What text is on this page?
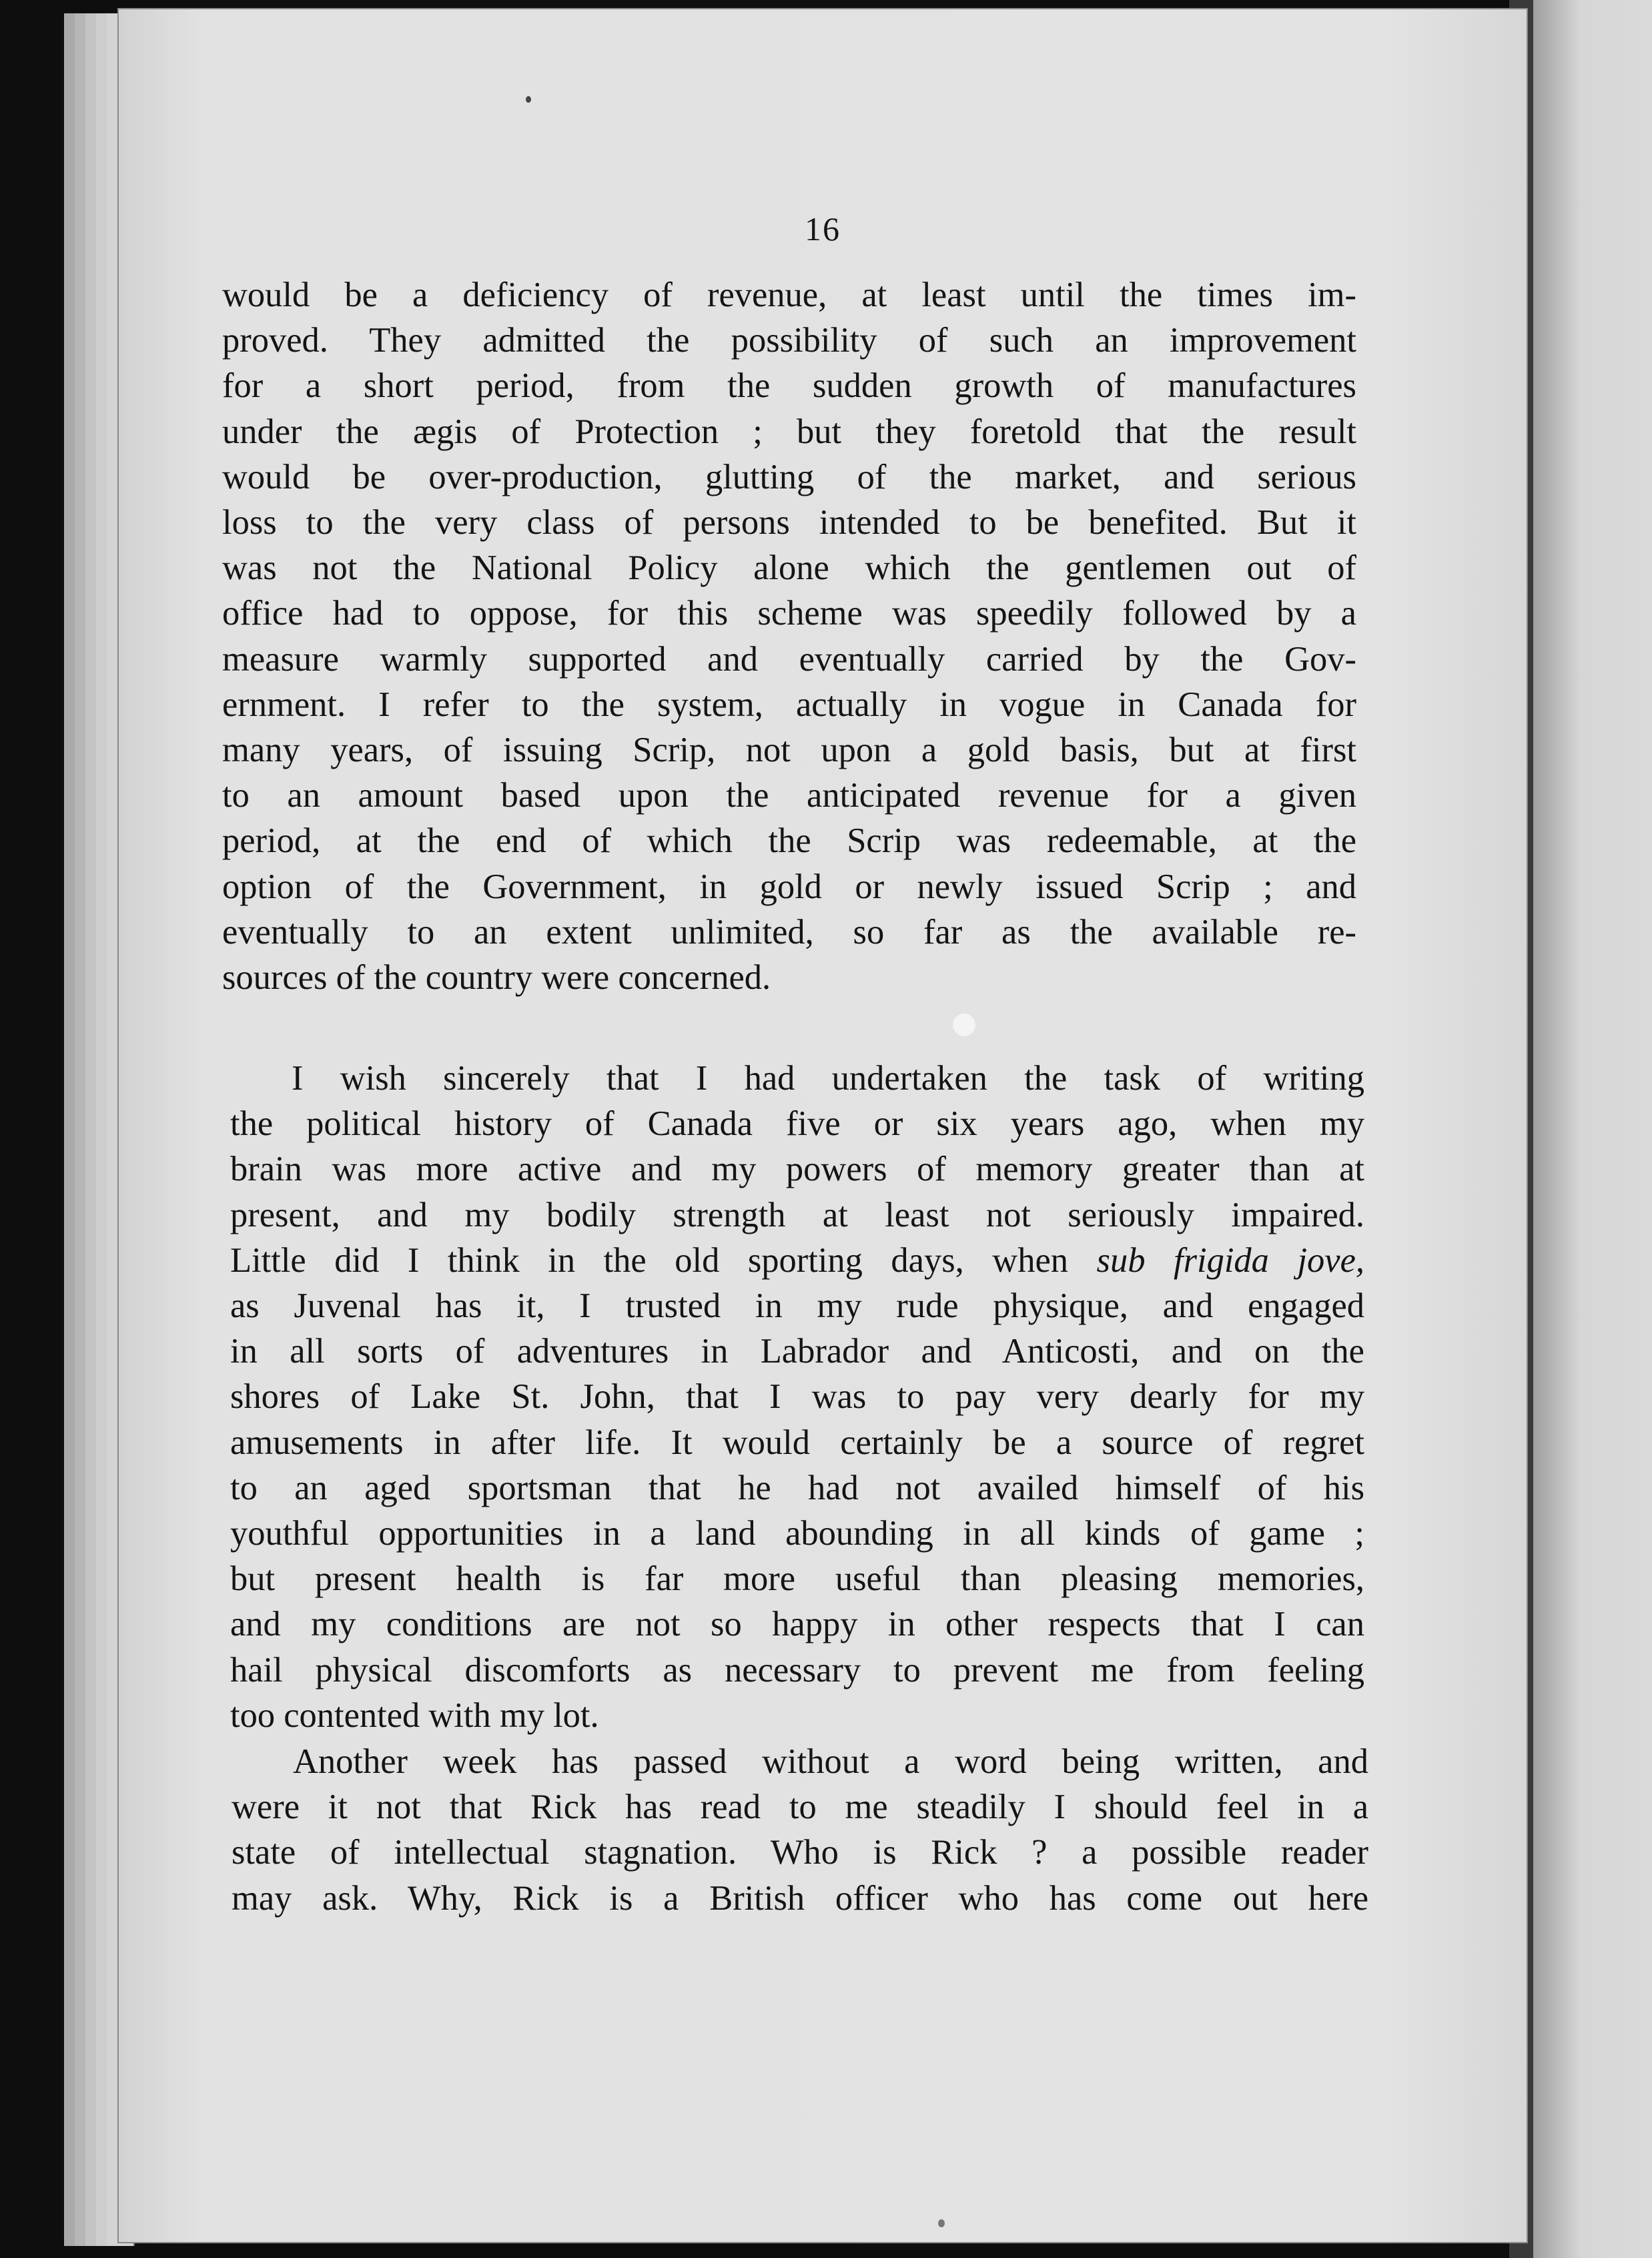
16
would be a deficiency of revenue, at least until the times im-
proved. They admitted the possibility of such an improvement
for a short period, from the sudden growth of manufactures
under the ægis of Protection ; but they foretold that the result
would be over-production, glutting of the market, and serious
loss to the very class of persons intended to be benefited. But it
was not the National Policy alone which the gentlemen out of
office had to oppose, for this scheme was speedily followed by a
measure warmly supported and eventually carried by the Gov-
ernment. I refer to the system, actually in vogue in Canada for
many years, of issuing Scrip, not upon a gold basis, but at first
to an amount based upon the anticipated revenue for a given
period, at the end of which the Scrip was redeemable, at the
option of the Government, in gold or newly issued Scrip ; and
eventually to an extent unlimited, so far as the available re-
sources of the country were concerned.
I wish sincerely that I had undertaken the task of writing
the political history of Canada five or six years ago, when my
brain was more active and my powers of memory greater than at
present, and my bodily strength at least not seriously impaired.
Little did I think in the old sporting days, when sub frigida jove,
as Juvenal has it, I trusted in my rude physique, and engaged
in all sorts of adventures in Labrador and Anticosti, and on the
shores of Lake St. John, that I was to pay very dearly for my
amusements in after life. It would certainly be a source of regret
to an aged sportsman that he had not availed himself of his
youthful opportunities in a land abounding in all kinds of game ;
but present health is far more useful than pleasing memories,
and my conditions are not so happy in other respects that I can
hail physical discomforts as necessary to prevent me from feeling
too contented with my lot.
Another week has passed without a word being written, and
were it not that Rick has read to me steadily I should feel in a
state of intellectual stagnation. Who is Rick ? a possible reader
may ask. Why, Rick is a British officer who has come out here
